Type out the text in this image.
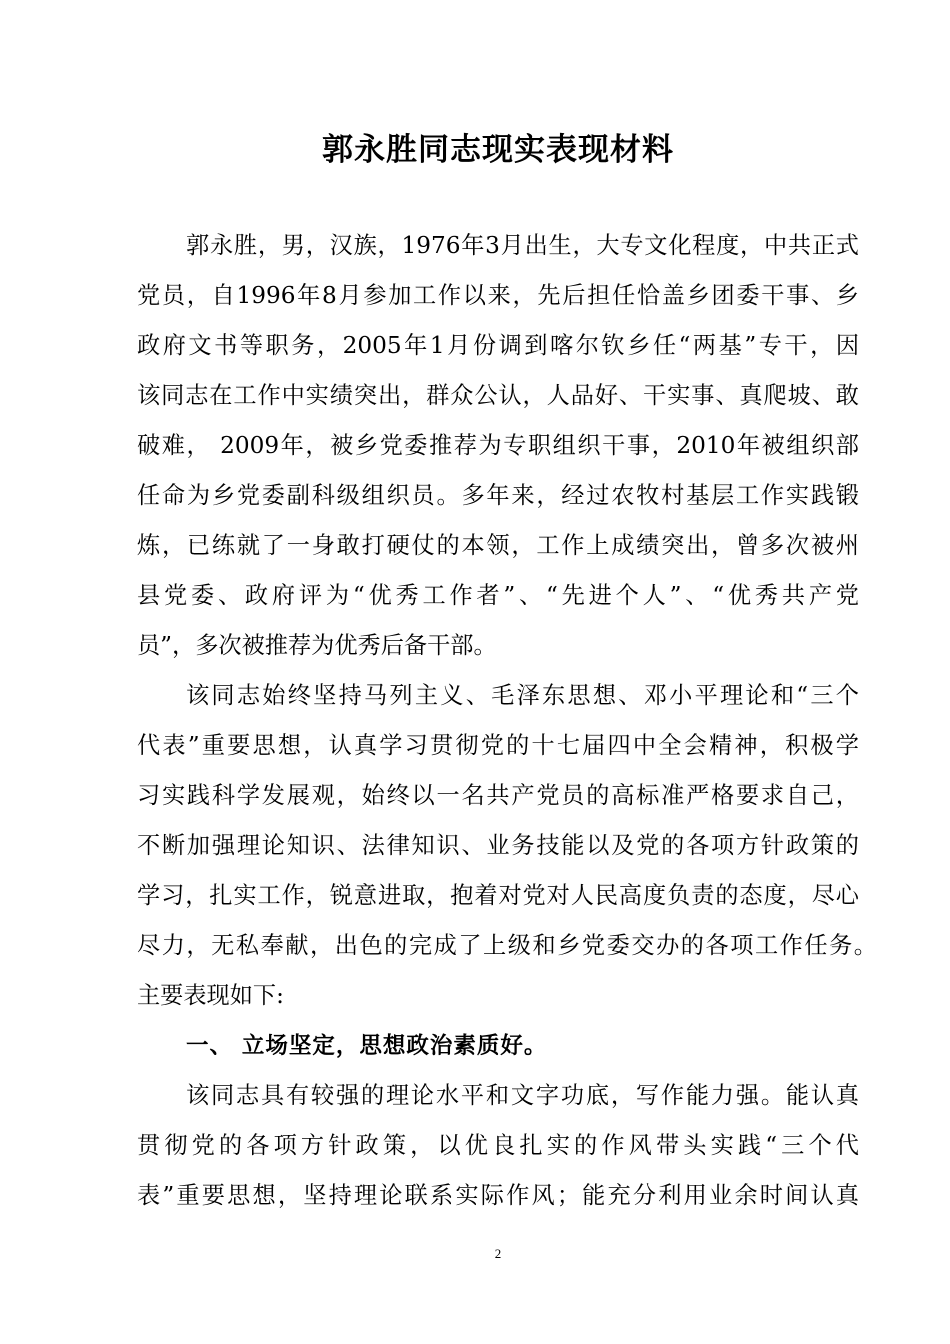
郭永胜同志现实表现材料
郭永胜，男，汉族，1976年3月出生，大专文化程度，中共正式
党员，自1996年8月参加工作以来，先后担任恰盖乡团委干事、乡
政府文书等职务，2005年1月份调到喀尔钦乡任“两基”专干，因
该同志在工作中实绩突出，群众公认，人品好、干实事、真爬坡、敢
破难， 2009年，被乡党委推荐为专职组织干事，2010年被组织部
任命为乡党委副科级组织员。多年来，经过农牧村基层工作实践锻
炼，已练就了一身敢打硬仗的本领，工作上成绩突出，曾多次被州
县党委、政府评为“优秀工作者”、“先进个人”、“优秀共产党
员”，多次被推荐为优秀后备干部。
该同志始终坚持马列主义、毛泽东思想、邓小平理论和“三个
代表”重要思想，认真学习贯彻党的十七届四中全会精神，积极学
习实践科学发展观，始终以一名共产党员的高标准严格要求自己，
不断加强理论知识、法律知识、业务技能以及党的各项方针政策的
学习，扎实工作，锐意进取，抱着对党对人民高度负责的态度，尽心
尽力，无私奉献，出色的完成了上级和乡党委交办的各项工作任务。
主要表现如下:
一、 立场坚定，思想政治素质好。
该同志具有较强的理论水平和文字功底，写作能力强。能认真
贯彻党的各项方针政策，以优良扎实的作风带头实践“三个代
表”重要思想，坚持理论联系实际作风；能充分利用业余时间认真
2
